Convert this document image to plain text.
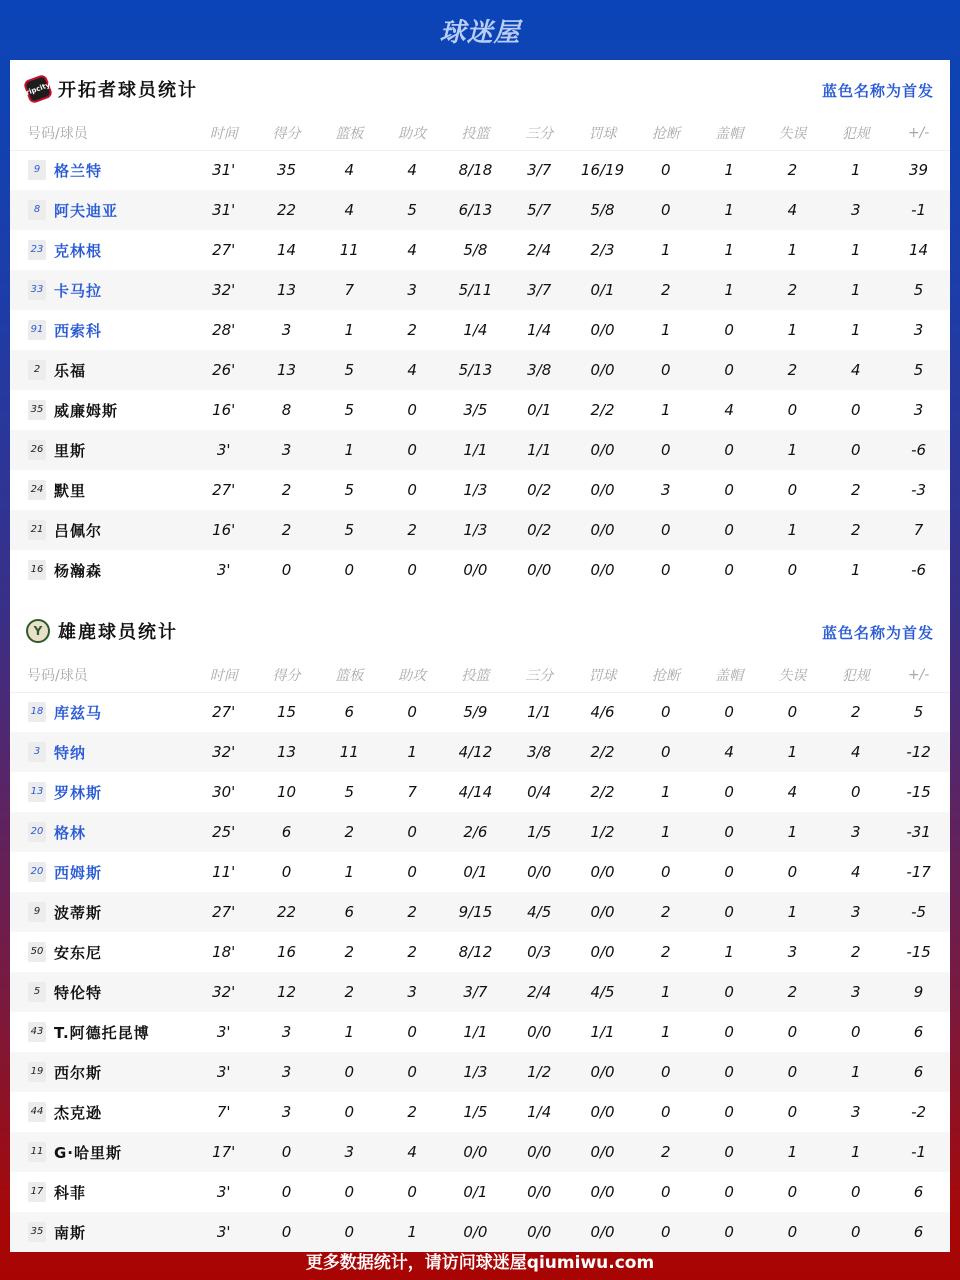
球迷屋
ripcity 开拓者球员统计	蓝色名称为首发
号码/球员	时间	得分	篮板	助攻	投篮	三分	罚球	抢断	盖帽	失误	犯规	+/-
9 格兰特	31'	35	4	4	8/18	3/7	16/19	0	1	2	1	39
8 阿夫迪亚	31'	22	4	5	6/13	5/7	5/8	0	1	4	3	-1
23 克林根	27'	14	11	4	5/8	2/4	2/3	1	1	1	1	14
33 卡马拉	32'	13	7	3	5/11	3/7	0/1	2	1	2	1	5
91 西索科	28'	3	1	2	1/4	1/4	0/0	1	0	1	1	3
2 乐福	26'	13	5	4	5/13	3/8	0/0	0	0	2	4	5
35 威廉姆斯	16'	8	5	0	3/5	0/1	2/2	1	4	0	0	3
26 里斯	3'	3	1	0	1/1	1/1	0/0	0	0	1	0	-6
24 默里	27'	2	5	0	1/3	0/2	0/0	3	0	0	2	-3
21 吕佩尔	16'	2	5	2	1/3	0/2	0/0	0	0	1	2	7
16 杨瀚森	3'	0	0	0	0/0	0/0	0/0	0	0	0	1	-6
Y 雄鹿球员统计	蓝色名称为首发
号码/球员	时间	得分	篮板	助攻	投篮	三分	罚球	抢断	盖帽	失误	犯规	+/-
18 库兹马	27'	15	6	0	5/9	1/1	4/6	0	0	0	2	5
3 特纳	32'	13	11	1	4/12	3/8	2/2	0	4	1	4	-12
13 罗林斯	30'	10	5	7	4/14	0/4	2/2	1	0	4	0	-15
20 格林	25'	6	2	0	2/6	1/5	1/2	1	0	1	3	-31
20 西姆斯	11'	0	1	0	0/1	0/0	0/0	0	0	0	4	-17
9 波蒂斯	27'	22	6	2	9/15	4/5	0/0	2	0	1	3	-5
50 安东尼	18'	16	2	2	8/12	0/3	0/0	2	1	3	2	-15
5 特伦特	32'	12	2	3	3/7	2/4	4/5	1	0	2	3	9
43 T.阿德托昆博	3'	3	1	0	1/1	0/0	1/1	1	0	0	0	6
19 西尔斯	3'	3	0	0	1/3	1/2	0/0	0	0	0	1	6
44 杰克逊	7'	3	0	2	1/5	1/4	0/0	0	0	0	3	-2
11 G·哈里斯	17'	0	3	4	0/0	0/0	0/0	2	0	1	1	-1
17 科菲	3'	0	0	0	0/1	0/0	0/0	0	0	0	0	6
35 南斯	3'	0	0	1	0/0	0/0	0/0	0	0	0	0	6
更多数据统计，请访问球迷屋qiumiwu.com
